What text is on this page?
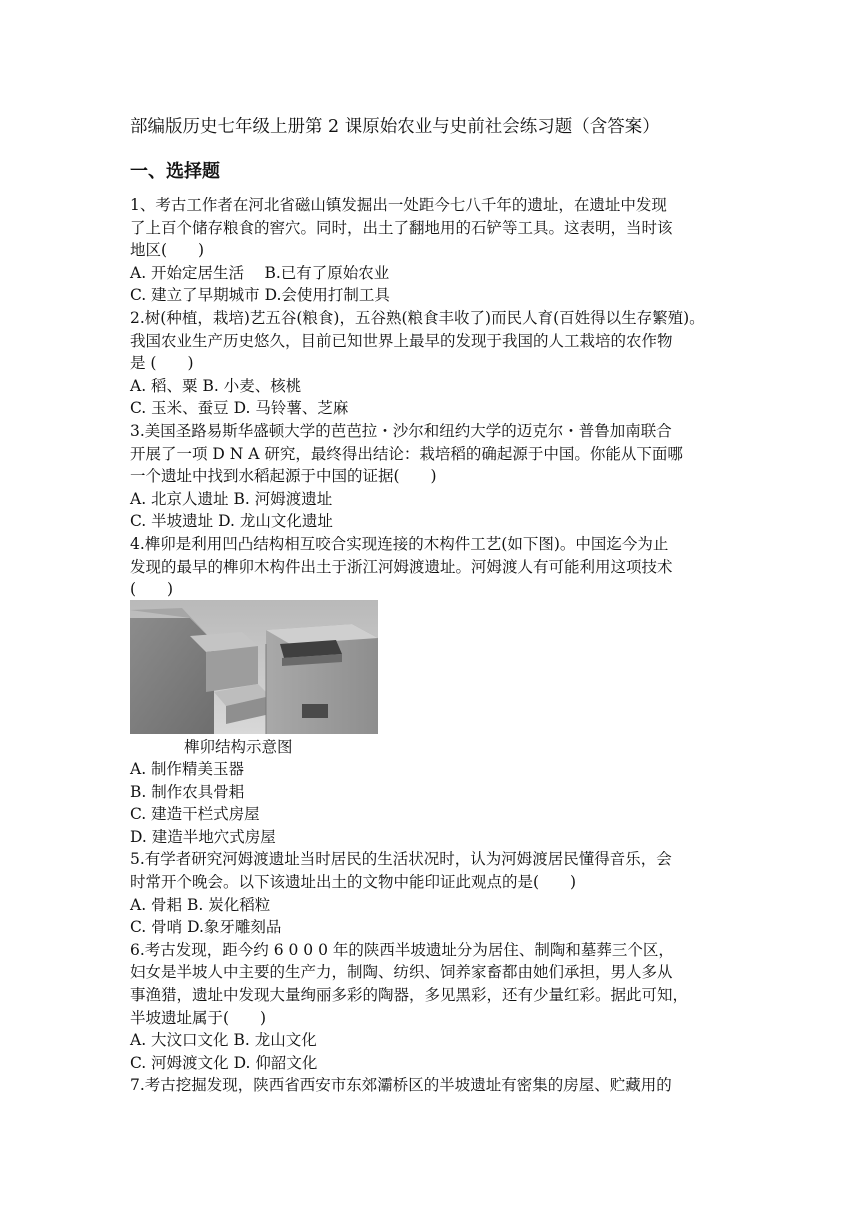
部编版历史七年级上册第 2 课原始农业与史前社会练习题（含答案）
一、选择题
1、考古工作者在河北省磁山镇发掘出一处距今七八千年的遗址，在遗址中发现
了上百个储存粮食的窖穴。同时，出土了翻地用的石铲等工具。这表明，当时该
地区(　　)
A. 开始定居生活　 B.已有了原始农业
C. 建立了早期城市 D.会使用打制工具
2.树(种植，栽培)艺五谷(粮食)，五谷熟(粮食丰收了)而民人育(百姓得以生存繁殖)。
我国农业生产历史悠久，目前已知世界上最早的发现于我国的人工栽培的农作物
是 (　　)
A. 稻、粟 B. 小麦、核桃
C. 玉米、蚕豆 D. 马铃薯、芝麻
3.美国圣路易斯华盛顿大学的芭芭拉・沙尔和纽约大学的迈克尔・普鲁加南联合
开展了一项 D N A 研究，最终得出结论：栽培稻的确起源于中国。你能从下面哪
一个遗址中找到水稻起源于中国的证据(　　)
A. 北京人遗址 B. 河姆渡遗址
C. 半坡遗址 D. 龙山文化遗址
4.榫卯是利用凹凸结构相互咬合实现连接的木构件工艺(如下图)。中国迄今为止
发现的最早的榫卯木构件出土于浙江河姆渡遗址。河姆渡人有可能利用这项技术
(　　)
榫卯结构示意图
A. 制作精美玉器
B. 制作农具骨耜
C. 建造干栏式房屋
D. 建造半地穴式房屋
5.有学者研究河姆渡遗址当时居民的生活状况时，认为河姆渡居民懂得音乐，会
时常开个晚会。以下该遗址出土的文物中能印证此观点的是(　　)
A. 骨耜 B. 炭化稻粒
C. 骨哨 D.象牙雕刻品
6.考古发现，距今约 6 0 0 0 年的陕西半坡遗址分为居住、制陶和墓葬三个区，
妇女是半坡人中主要的生产力，制陶、纺织、饲养家畜都由她们承担，男人多从
事渔猎，遗址中发现大量绚丽多彩的陶器，多见黑彩，还有少量红彩。据此可知，
半坡遗址属于(　　)
A. 大汶口文化 B. 龙山文化
C. 河姆渡文化 D. 仰韶文化
7.考古挖掘发现，陕西省西安市东郊灞桥区的半坡遗址有密集的房屋、贮藏用的
